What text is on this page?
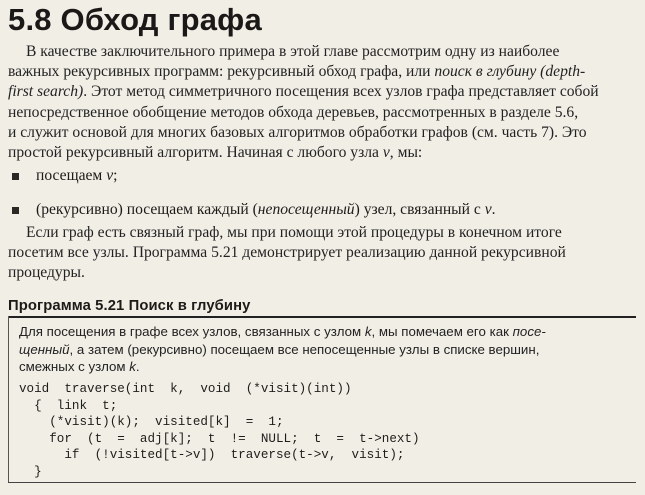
5.8 Обход графа
В качестве заключительного примера в этой главе рассмотрим одну из наиболее
важных рекурсивных программ: рекурсивный обход графа, или поиск в глубину (depth-
first search). Этот метод симметричного посещения всех узлов графа представляет собой
непосредственное обобщение методов обхода деревьев, рассмотренных в разделе 5.6,
и служит основой для многих базовых алгоритмов обработки графов (см. часть 7). Это
простой рекурсивный алгоритм. Начиная с любого узла v, мы:
посещаем v;
(рекурсивно) посещаем каждый (непосещенный) узел, связанный с v.
Если граф есть связный граф, мы при помощи этой процедуры в конечном итоге
посетим все узлы. Программа 5.21 демонстрирует реализацию данной рекурсивной
процедуры.
Программа 5.21 Поиск в глубину
Для посещения в графе всех узлов, связанных с узлом k, мы помечаем его как посе-
щенный, а затем (рекурсивно) посещаем все непосещенные узлы в списке вершин,
смежных с узлом k.
void  traverse(int  k,  void  (*visit)(int))
{  link  t;
(*visit)(k);  visited[k]  =  1;
for  (t  =  adj[k];  t  !=  NULL;  t  =  t->next)
if  (!visited[t->v])  traverse(t->v,  visit);
}
